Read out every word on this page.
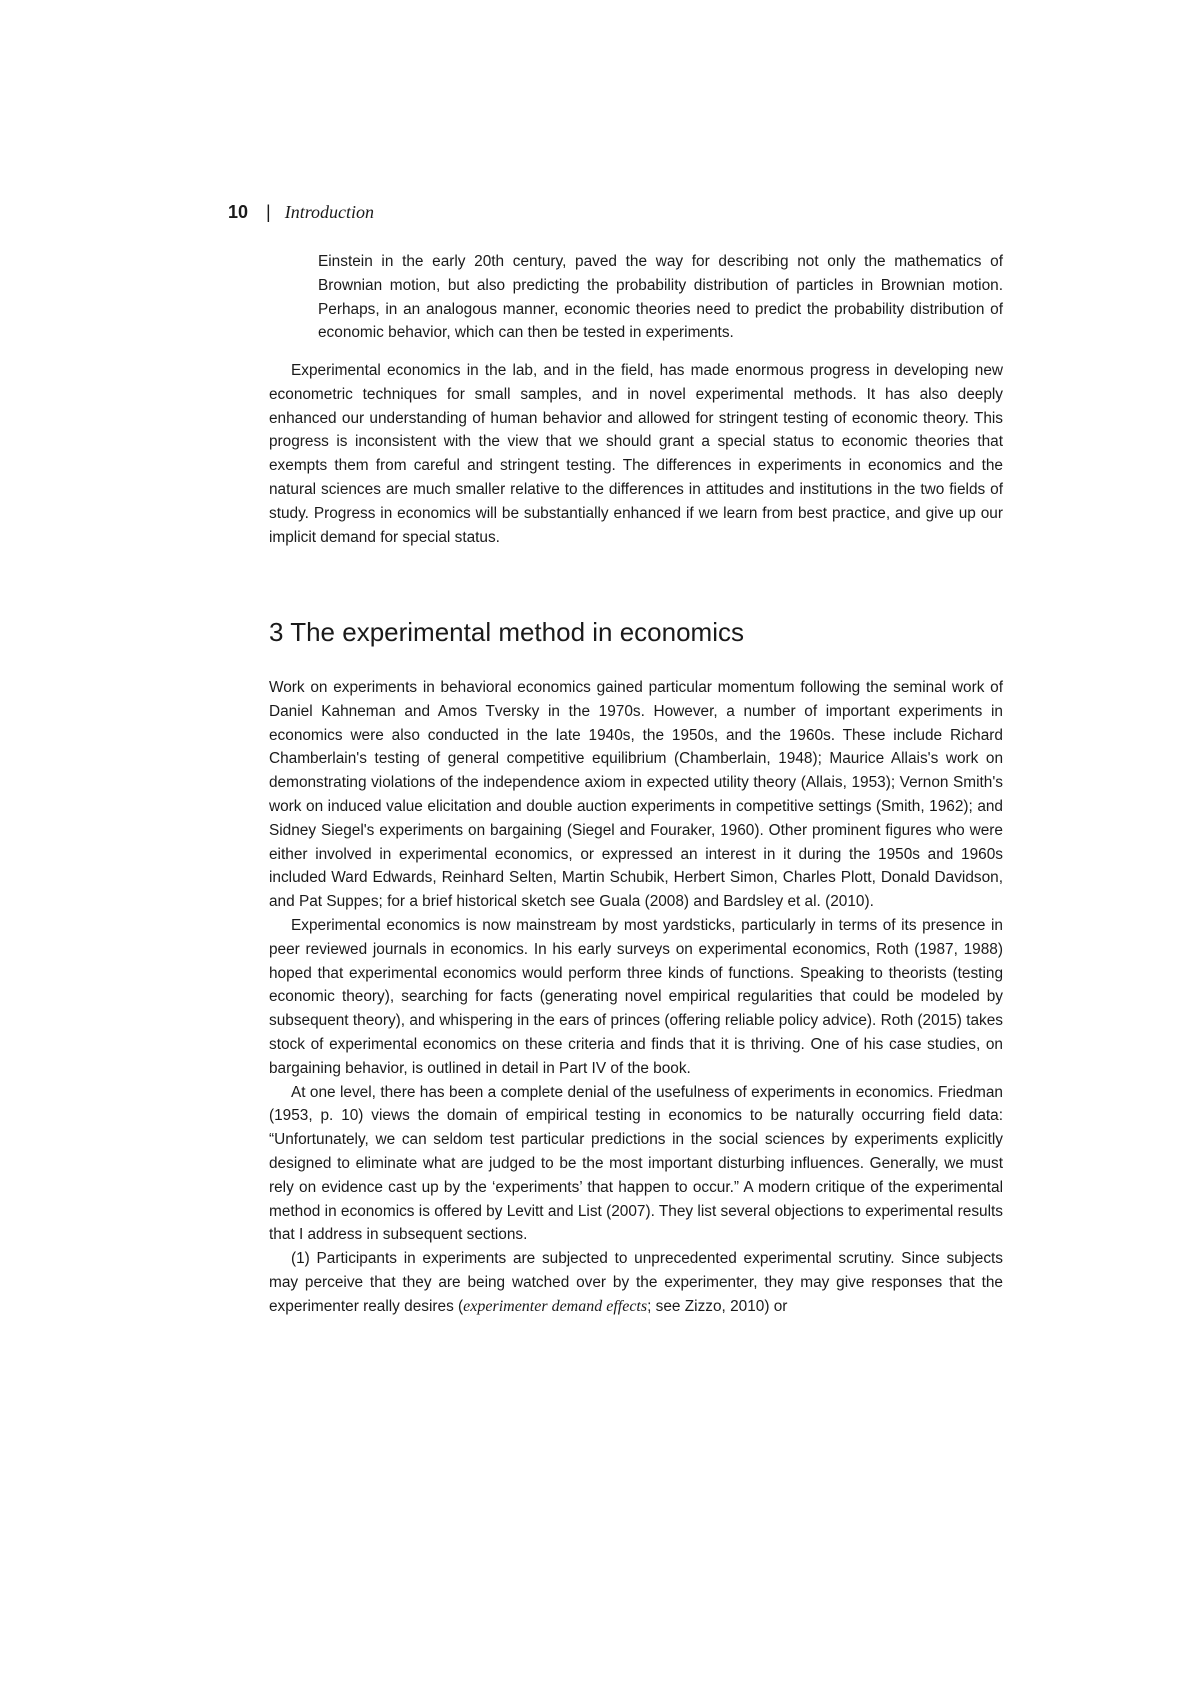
10 | Introduction

Einstein in the early 20th century, paved the way for describing not only the mathematics of Brownian motion, but also predicting the probability distribution of particles in Brownian motion. Perhaps, in an analogous manner, economic theories need to predict the probability distribution of economic behavior, which can then be tested in experiments.

Experimental economics in the lab, and in the field, has made enormous progress in developing new econometric techniques for small samples, and in novel experimental methods. It has also deeply enhanced our understanding of human behavior and allowed for stringent testing of economic theory. This progress is inconsistent with the view that we should grant a special status to economic theories that exempts them from careful and stringent testing. The differences in experiments in economics and the natural sciences are much smaller relative to the differences in attitudes and institutions in the two fields of study. Progress in economics will be substantially enhanced if we learn from best practice, and give up our implicit demand for special status.

3 The experimental method in economics

Work on experiments in behavioral economics gained particular momentum following the seminal work of Daniel Kahneman and Amos Tversky in the 1970s. However, a number of important experiments in economics were also conducted in the late 1940s, the 1950s, and the 1960s. These include Richard Chamberlain's testing of general competitive equilibrium (Chamberlain, 1948); Maurice Allais's work on demonstrating violations of the independence axiom in expected utility theory (Allais, 1953); Vernon Smith's work on induced value elicitation and double auction experiments in competitive settings (Smith, 1962); and Sidney Siegel's experiments on bargaining (Siegel and Fouraker, 1960). Other prominent figures who were either involved in experimental economics, or expressed an interest in it during the 1950s and 1960s included Ward Edwards, Reinhard Selten, Martin Schubik, Herbert Simon, Charles Plott, Donald Davidson, and Pat Suppes; for a brief historical sketch see Guala (2008) and Bardsley et al. (2010).

Experimental economics is now mainstream by most yardsticks, particularly in terms of its presence in peer reviewed journals in economics. In his early surveys on experimental economics, Roth (1987, 1988) hoped that experimental economics would perform three kinds of functions. Speaking to theorists (testing economic theory), searching for facts (generating novel empirical regularities that could be modeled by subsequent theory), and whispering in the ears of princes (offering reliable policy advice). Roth (2015) takes stock of experimental economics on these criteria and finds that it is thriving. One of his case studies, on bargaining behavior, is outlined in detail in Part IV of the book.

At one level, there has been a complete denial of the usefulness of experiments in economics. Friedman (1953, p. 10) views the domain of empirical testing in economics to be naturally occurring field data: “Unfortunately, we can seldom test particular predictions in the social sciences by experiments explicitly designed to eliminate what are judged to be the most important disturbing influences. Generally, we must rely on evidence cast up by the ‘experiments’ that happen to occur.” A modern critique of the experimental method in economics is offered by Levitt and List (2007). They list several objections to experimental results that I address in subsequent sections.

(1) Participants in experiments are subjected to unprecedented experimental scrutiny. Since subjects may perceive that they are being watched over by the experimenter, they may give responses that the experimenter really desires (experimenter demand effects; see Zizzo, 2010) or
